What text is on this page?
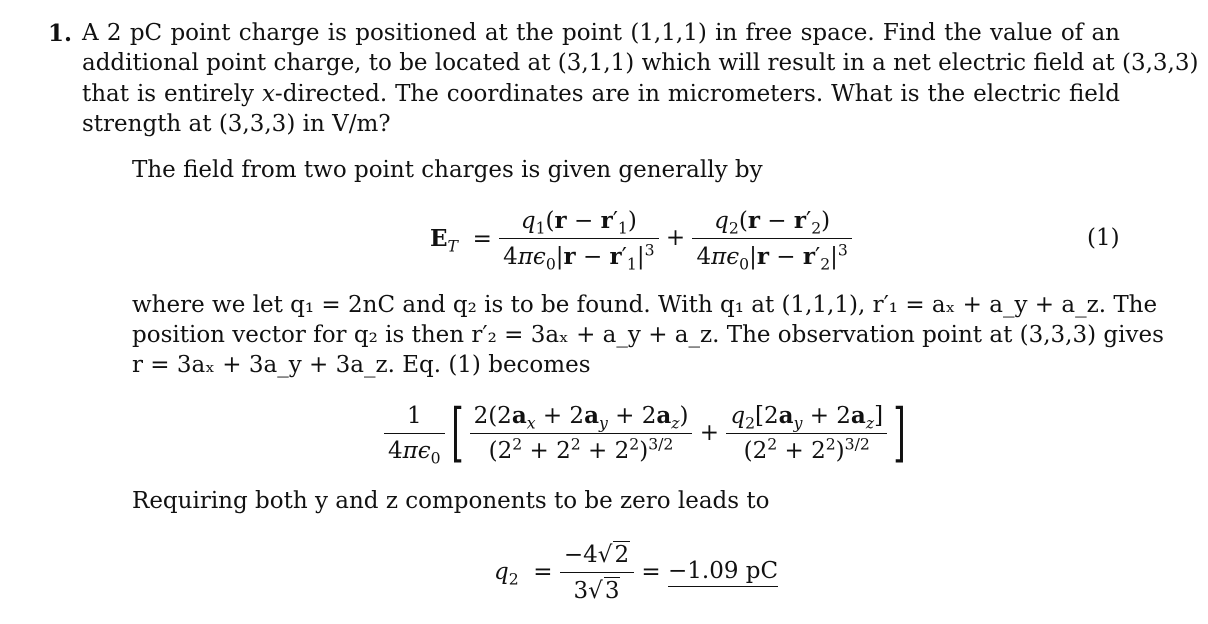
1. A 2 pC point charge is positioned at the point (1,1,1) in free space. Find the value of an
additional point charge, to be located at (3,1,1) which will result in a net electric field at (3,3,3)
that is entirely x-directed. The coordinates are in micrometers. What is the electric field
strength at (3,3,3) in V/m?
The field from two point charges is given generally by
$E_T = \frac{q_1(r - r'_1)}{4\pi\epsilon_0|r - r'_1|^3} + \frac{q_2(r - r'_2)}{4\pi\epsilon_0|r - r'_2|^3}$	(1)
where we let q₁ = 2nC and q₂ is to be found. With q₁ at (1,1,1), r′₁ = aₓ + a_y + a_z. The
position vector for q₂ is then r′₂ = 3aₓ + a_y + a_z. The observation point at (3,3,3) gives
r = 3aₓ + 3a_y + 3a_z. Eq. (1) becomes
$\frac{1}{4\pi\epsilon_0}$ [ $\frac{2(2a_x + 2a_y + 2a_z)}{(2^2 + 2^2 + 2^2)^{3/2}} + \frac{q_2[2a_y + 2a_z]}{(2^2 + 2^2)^{3/2}}$ ]
Requiring both y and z components to be zero leads to
$q_2 = \frac{-4√2}{3√3} = -1.09$ pC
